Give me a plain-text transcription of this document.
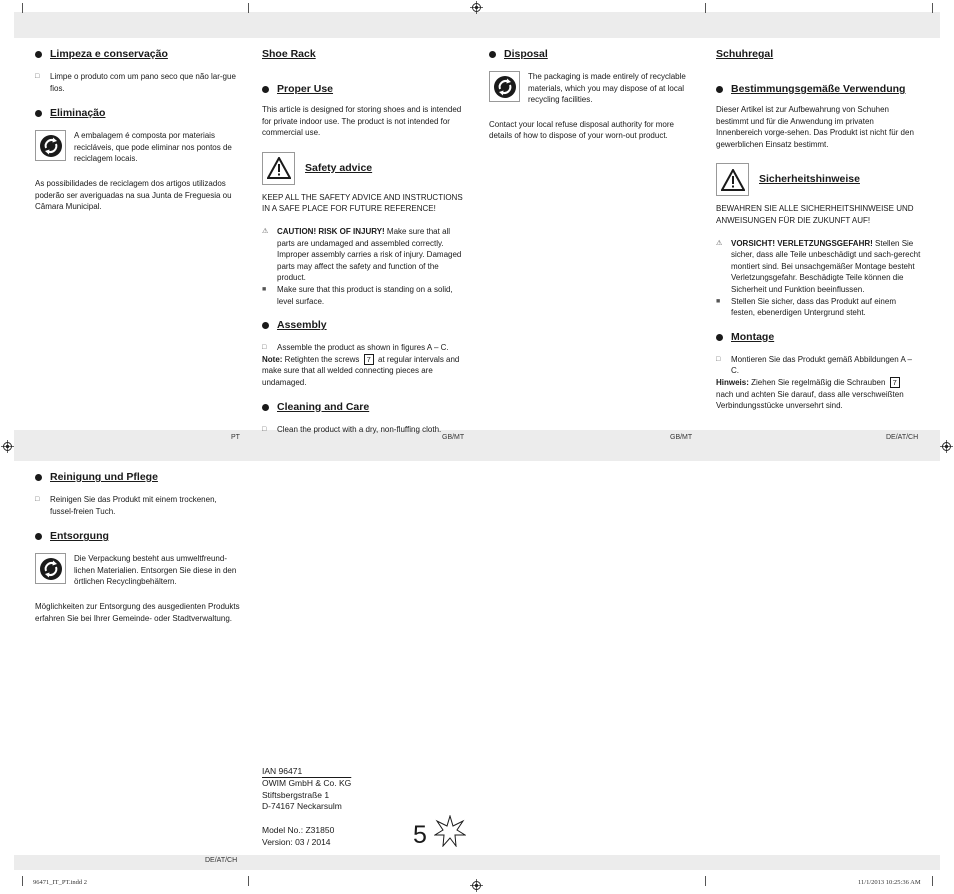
Limpeza e conservação
□ Limpe o produto com um pano seco que não lar-gue fios.
Eliminação

A embalagem é composta por materiais recicláveis, que pode eliminar nos pontos de reciclagem locais.

As possibilidades de reciclagem dos artigos utilizados poderão ser averiguadas na sua Junta de Freguesia ou Câmara Municipal.

Shoe Rack
Proper Use

This article is designed for storing shoes and is intended for private indoor use. The product is not intended for commercial use.

Safety advice

KEEP ALL THE SAFETY ADVICE AND INSTRUCTIONS IN A SAFE PLACE FOR FUTURE REFERENCE!

⚠ CAUTION! RISK OF INJURY! Make sure that all parts are undamaged and assembled correctly. Improper assembly carries a risk of injury. Damaged parts may affect the safety and function of the product.
■ Make sure that this product is standing on a solid, level surface.
Assembly
□ Assemble the product as shown in figures A – C.

Note: Retighten the screws 7 at regular intervals and make sure that all welded connecting pieces are undamaged.

Cleaning and Care
□ Clean the product with a dry, non-fluffing cloth.
Disposal

The packaging is made entirely of recyclable materials, which you may dispose of at local recycling facilities.

Contact your local refuse disposal authority for more details of how to dispose of your worn-out product.

Schuhregal
Bestimmungsgemäße Verwendung

Dieser Artikel ist zur Aufbewahrung von Schuhen bestimmt und für die Anwendung im privaten Innenbereich vorge-sehen. Das Produkt ist nicht für den gewerblichen Einsatz bestimmt.

Sicherheitshinweise

BEWAHREN SIE ALLE SICHERHEITSHINWEISE UND ANWEISUNGEN FÜR DIE ZUKUNFT AUF!

⚠ VORSICHT! VERLETZUNGSGEFAHR! Stellen Sie sicher, dass alle Teile unbeschädigt und sach-gerecht montiert sind. Bei unsachgemäßer Montage besteht Verletzungsgefahr. Beschädigte Teile können die Sicherheit und Funktion beeinflussen.
■ Stellen Sie sicher, dass das Produkt auf einem festen, ebenerdigen Untergrund steht.
Montage
□ Montieren Sie das Produkt gemäß Abbildungen A – C.

Hinweis: Ziehen Sie regelmäßig die Schrauben 7 nach und achten Sie darauf, dass alle verschweißten Verbindungsstücke unversehrt sind.

Reinigung und Pflege
□ Reinigen Sie das Produkt mit einem trockenen, fussel-freien Tuch.
Entsorgung

Die Verpackung besteht aus umweltfreund-lichen Materialien. Entsorgen Sie diese in den örtlichen Recyclingbehältern.

Möglichkeiten zur Entsorgung des ausgedienten Produkts erfahren Sie bei Ihrer Gemeinde- oder Stadtverwaltung.

PT	GB/MT	GB/MT	DE/AT/CH
IAN 96471
OWIM GmbH & Co. KG
Stiftsbergstraße 1
D-74167 Neckarsulm
Model No.: Z31850
Version: 03 / 2014	5
DE/AT/CH
96471_IT_PT.indd 2	11/1/2013 10:25:36 AM
